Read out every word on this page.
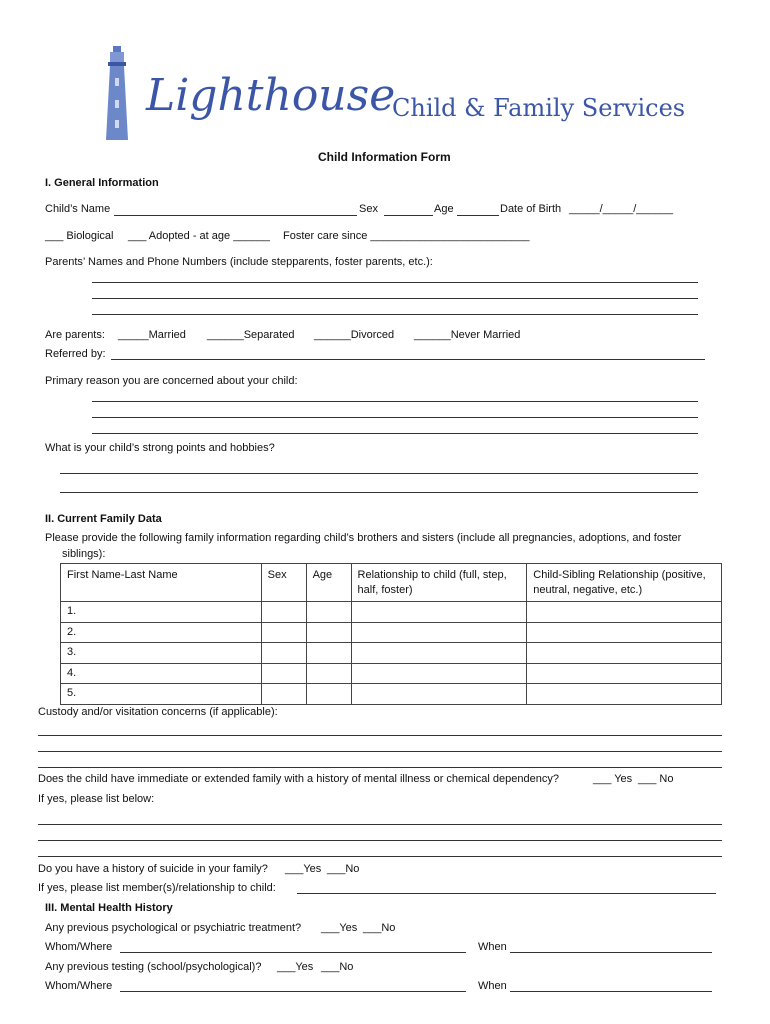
Lighthouse
Child & Family Services
Child Information Form
I. General Information
Child’s Name	Sex	Age	Date of Birth _____/_____/______
___ Biological ___ Adopted - at age ______ Foster care since __________________________
Parents’ Names and Phone Numbers (include stepparents, foster parents, etc.):
Are parents: _____Married ______Separated ______Divorced ______Never Married
Referred by:
Primary reason you are concerned about your child:
What is your child’s strong points and hobbies?
II. Current Family Data
Please provide the following family information regarding child’s brothers and sisters (include all pregnancies, adoptions, and foster
siblings):
First Name-Last Name	Sex	Age	Relationship to child (full, step, half, foster)	Child-Sibling Relationship (positive, neutral, negative, etc.)
1.				
2.				
3.				
4.				
5.				
Custody and/or visitation concerns (if applicable):
Does the child have immediate or extended family with a history of mental illness or chemical dependency?	___ Yes ___ No
If yes, please list below:
Do you have a history of suicide in your family? ___Yes ___No
If yes, please list member(s)/relationship to child:
III. Mental Health History
Any previous psychological or psychiatric treatment? ___Yes ___No
Whom/Where	When
Any previous testing (school/psychological)? ___Yes ___No
Whom/Where	When
